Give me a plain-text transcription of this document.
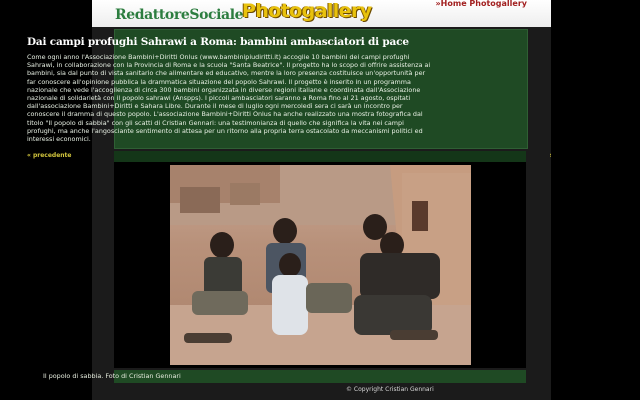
RedattoreSociale
Photogallery	»Home Photogallery
Dai campi profughi Sahrawi a Roma: bambini ambasciatori di pace

Come ogni anno l'Associazione Bambini+Diritti Onlus (www.bambinipiudiritti.it) accoglie 10 bambini dei campi profughi Sahrawi, in collaborazione con la Provincia di Roma e la scuola "Santa Beatrice". Il progetto ha lo scopo di offrire assistenza ai bambini, sia dal punto di vista sanitario che alimentare ed educativo, mentre la loro presenza costituisce un'opportunità per far conoscere all'opinione pubblica la drammatica situazione del popolo Sahrawi. Il progetto è inserito in un programma nazionale che vede l'accoglienza di circa 300 bambini organizzata in diverse regioni italiane e coordinata dall'Associazione nazionale di solidarietà con il popolo sahrawi (Anspps). I piccoli ambasciatori saranno a Roma fino al 21 agosto, ospitati dall'associazione Bambini+Diritti e Sahara Libre. Durante il mese di luglio ogni mercoledì sera ci sarà un incontro per conoscere il dramma di questo popolo. L'associazione Bambini+Diritti Onlus ha anche realizzato una mostra fotografica dal titolo "Il popolo di sabbia" con gli scatti di Cristian Gennari: una testimonianza di quello che significa la vita nei campi profughi, ma anche l'angosciante sentimento di attesa per un ritorno alla propria terra ostacolato da meccanismi politici ed interessi economici.

« precedente
Il popolo di sabbia. Foto di Cristian Gennari
© Copyright Cristian Gennari
